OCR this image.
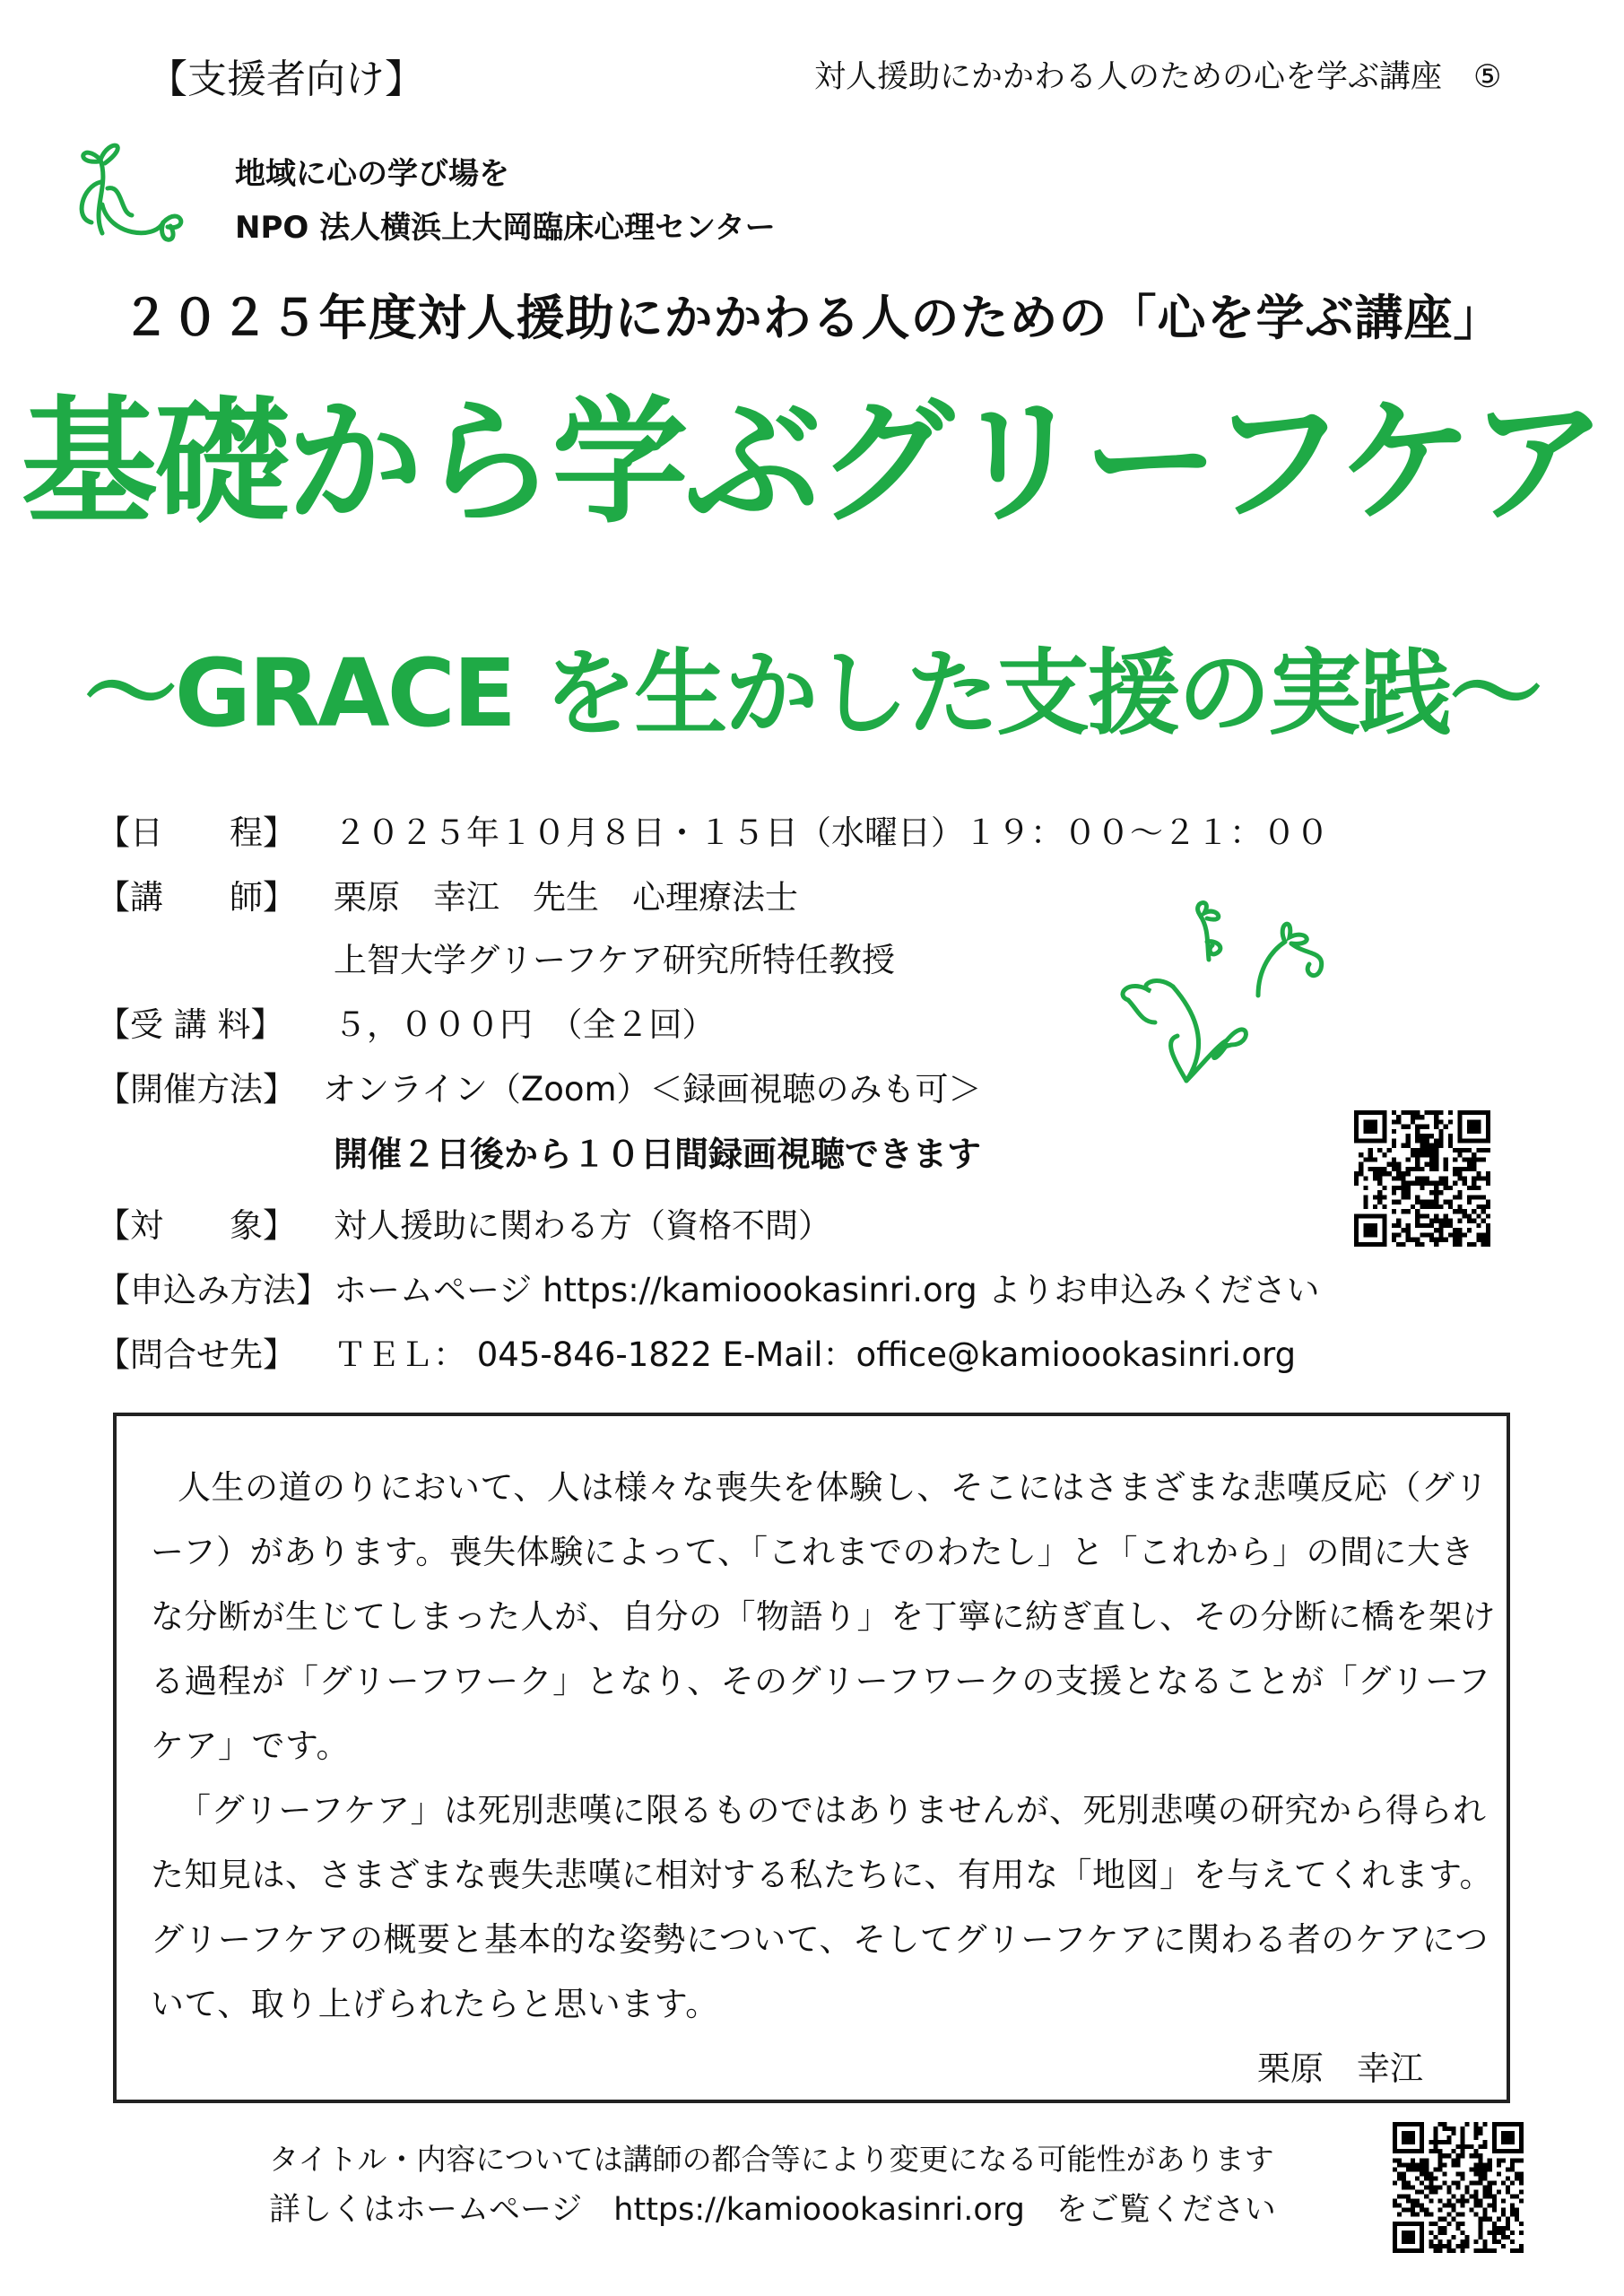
【支援者向け】	対人援助にかかわる人のための心を学ぶ講座　⑤
地域に心の学び場を
NPO 法人横浜上大岡臨床心理センター
２０２５年度対人援助にかかわる人のための「心を学ぶ講座」
基礎から学ぶグリーフケア
～GRACE を生かした支援の実践～
【日　　程】 ２０２５年１０月８日・１５日（水曜日）１９：００～２１：００
【講　　師】 栗原　幸江　先生　心理療法士
上智大学グリーフケア研究所特任教授
【受 講 料】 ５，０００円　（全２回）
【開催方法】 オンライン（Zoom）＜録画視聴のみも可＞
開催２日後から１０日間録画視聴できます
【対　　象】 対人援助に関わる方（資格不問）
【申込み方法】 ホームページ https://kamioookasinri.org よりお申込みください
【問合せ先】 ＴＥＬ： 045-846-1822 E-Mail：office@kamioookasinri.org
人生の道のりにおいて、人は様々な喪失を体験し、そこにはさまざまな悲嘆反応（グリ
ーフ）があります。喪失体験によって、「これまでのわたし」と「これから」の間に大き
な分断が生じてしまった人が、自分の「物語り」を丁寧に紡ぎ直し、その分断に橋を架け
る過程が「グリーフワーク」となり、そのグリーフワークの支援となることが「グリーフ
ケア」です。
「グリーフケア」は死別悲嘆に限るものではありませんが、死別悲嘆の研究から得られ
た知見は、さまざまな喪失悲嘆に相対する私たちに、有用な「地図」を与えてくれます。
グリーフケアの概要と基本的な姿勢について、そしてグリーフケアに関わる者のケアにつ
いて、取り上げられたらと思います。
栗原　幸江
タイトル・内容については講師の都合等により変更になる可能性があります
詳しくはホームページ　https://kamioookasinri.org　をご覧ください
